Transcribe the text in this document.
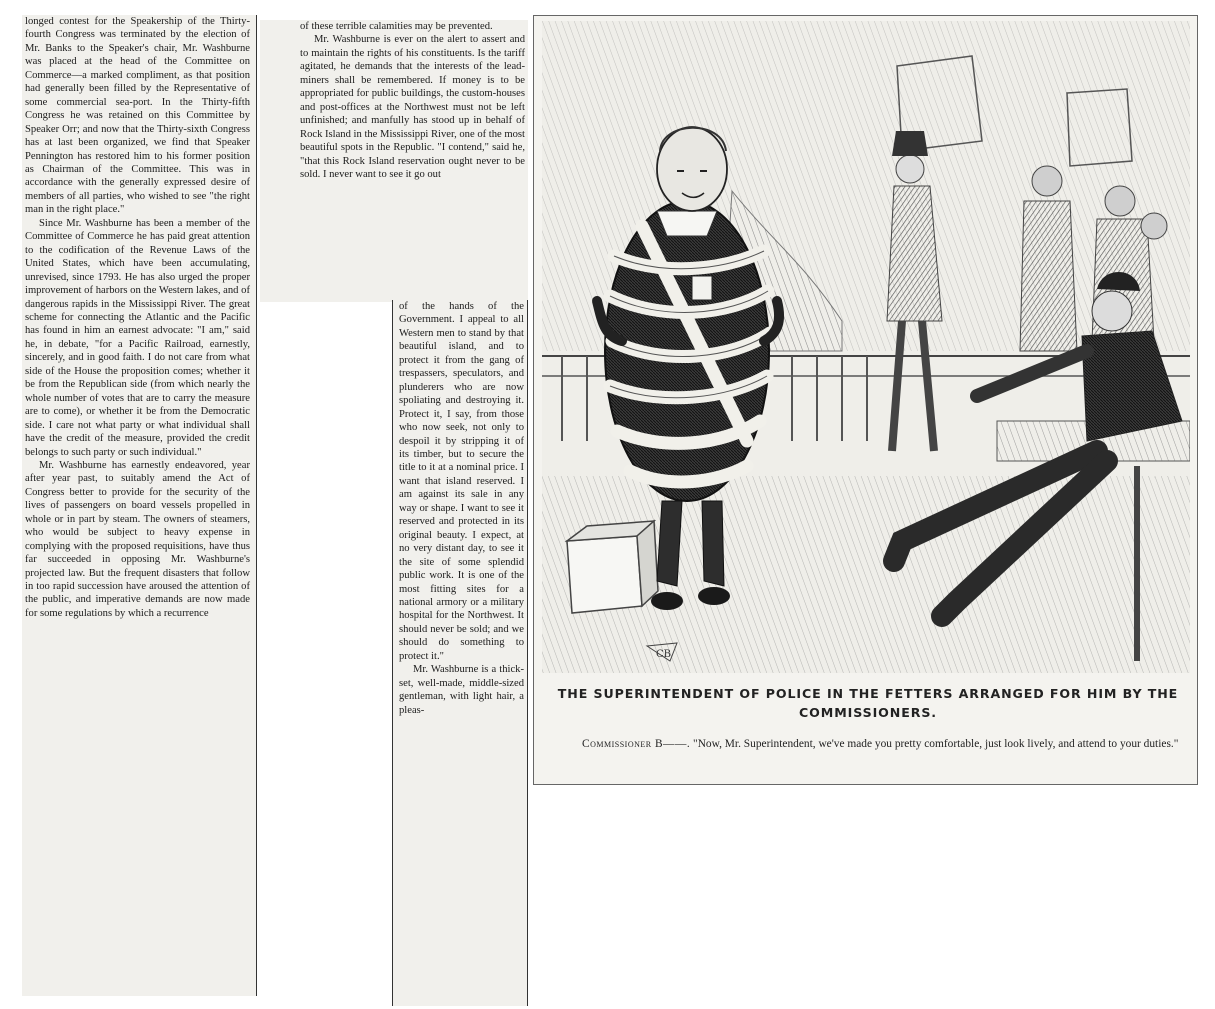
longed contest for the Speakership of the Thirty-fourth Congress was terminated by the election of Mr. Banks to the Speaker's chair, Mr. Washburne was placed at the head of the Committee on Commerce—a marked compliment, as that position had generally been filled by the Representative of some commercial sea-port. In the Thirty-fifth Congress he was retained on this Committee by Speaker Orr; and now that the Thirty-sixth Congress has at last been organized, we find that Speaker Pennington has restored him to his former position as Chairman of the Committee. This was in accordance with the generally expressed desire of members of all parties, who wished to see "the right man in the right place."

Since Mr. Washburne has been a member of the Committee of Commerce he has paid great attention to the codification of the Revenue Laws of the United States, which have been accumulating, unrevised, since 1793. He has also urged the proper improvement of harbors on the Western lakes, and of dangerous rapids in the Mississippi River. The great scheme for connecting the Atlantic and the Pacific has found in him an earnest advocate: "I am," said he, in debate, "for a Pacific Railroad, earnestly, sincerely, and in good faith. I do not care from what side of the House the proposition comes; whether it be from the Republican side (from which nearly the whole number of votes that are to carry the measure are to come), or whether it be from the Democratic side. I care not what party or what individual shall have the credit of the measure, provided the credit belongs to such party or such individual."

Mr. Washburne has earnestly endeavored, year after year past, to suitably amend the Act of Congress better to provide for the security of the lives of passengers on board vessels propelled in whole or in part by steam. The owners of steamers, who would be subject to heavy expense in complying with the proposed requisitions, have thus far succeeded in opposing Mr. Washburne's projected law. But the frequent disasters that follow in too rapid succession have aroused the attention of the public, and imperative demands are now made for some regulations by which a recurrence

of these terrible calamities may be prevented.

Mr. Washburne is ever on the alert to assert and to maintain the rights of his constituents. Is the tariff agitated, he demands that the interests of the lead-miners shall be remembered. If money is to be appropriated for public buildings, the custom-houses and post-offices at the Northwest must not be left unfinished; and manfully has stood up in behalf of Rock Island in the Mississippi River, one of the most beautiful spots in the Republic. "I contend," said he, "that this Rock Island reservation ought never to be sold. I never want to see it go out

of the hands of the Government. I appeal to all Western men to stand by that beautiful island, and to protect it from the gang of trespassers, speculators, and plunderers who are now spoliating and destroying it. Protect it, I say, from those who now seek, not only to despoil it by stripping it of its timber, but to secure the title to it at a nominal price. I want that island reserved. I am against its sale in any way or shape. I want to see it reserved and protected in its original beauty. I expect, at no very distant day, to see it the site of some splendid public work. It is one of the most fitting sites for a national armory or a military hospital for the Northwest. It should never be sold; and we should do something to protect it."

Mr. Washburne is a thick-set, well-made, middle-sized gentleman, with light hair, a pleas-

CB
THE SUPERINTENDENT OF POLICE IN THE FETTERS ARRANGED FOR HIM BY THE COMMISSIONERS.
Commissioner B——. "Now, Mr. Superintendent, we've made you pretty comfortable, just look lively, and attend to your duties."
